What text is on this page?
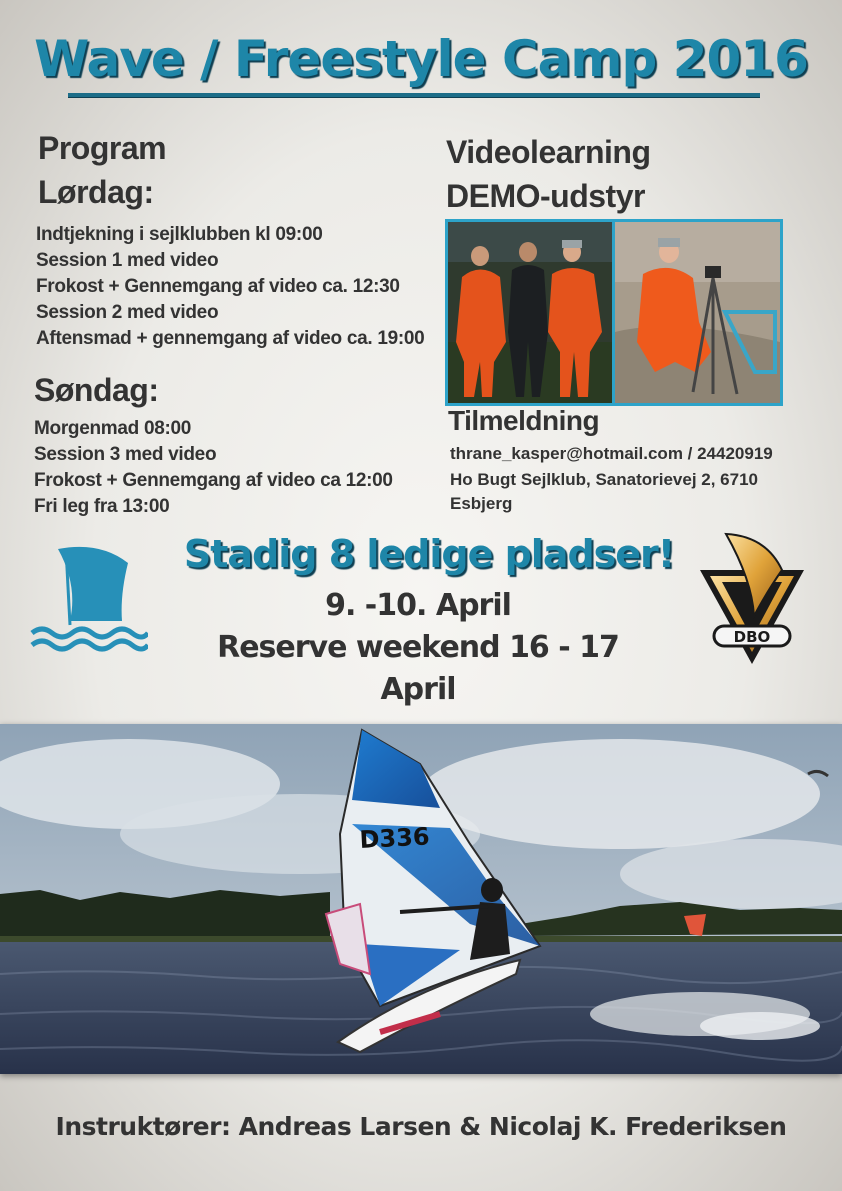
Wave / Freestyle Camp 2016
Program
Lørdag:
Indtjekning i sejlklubben kl 09:00
Session 1 med video
Frokost + Gennemgang af video ca. 12:30
Session 2 med video
Aftensmad + gennemgang af video ca. 19:00
Søndag:
Morgenmad 08:00
Session 3 med video
Frokost + Gennemgang af video ca 12:00
Fri leg fra 13:00
Videolearning
DEMO-udstyr
Tilmeldning
thrane_kasper@hotmail.com / 24420919
Ho Bugt Sejlklub, Sanatorievej 2, 6710
Esbjerg
DBO
Stadig 8 ledige pladser!
9. -10. April
Reserve weekend 16 - 17
April
D336
Instruktører: Andreas Larsen & Nicolaj K. Frederiksen
